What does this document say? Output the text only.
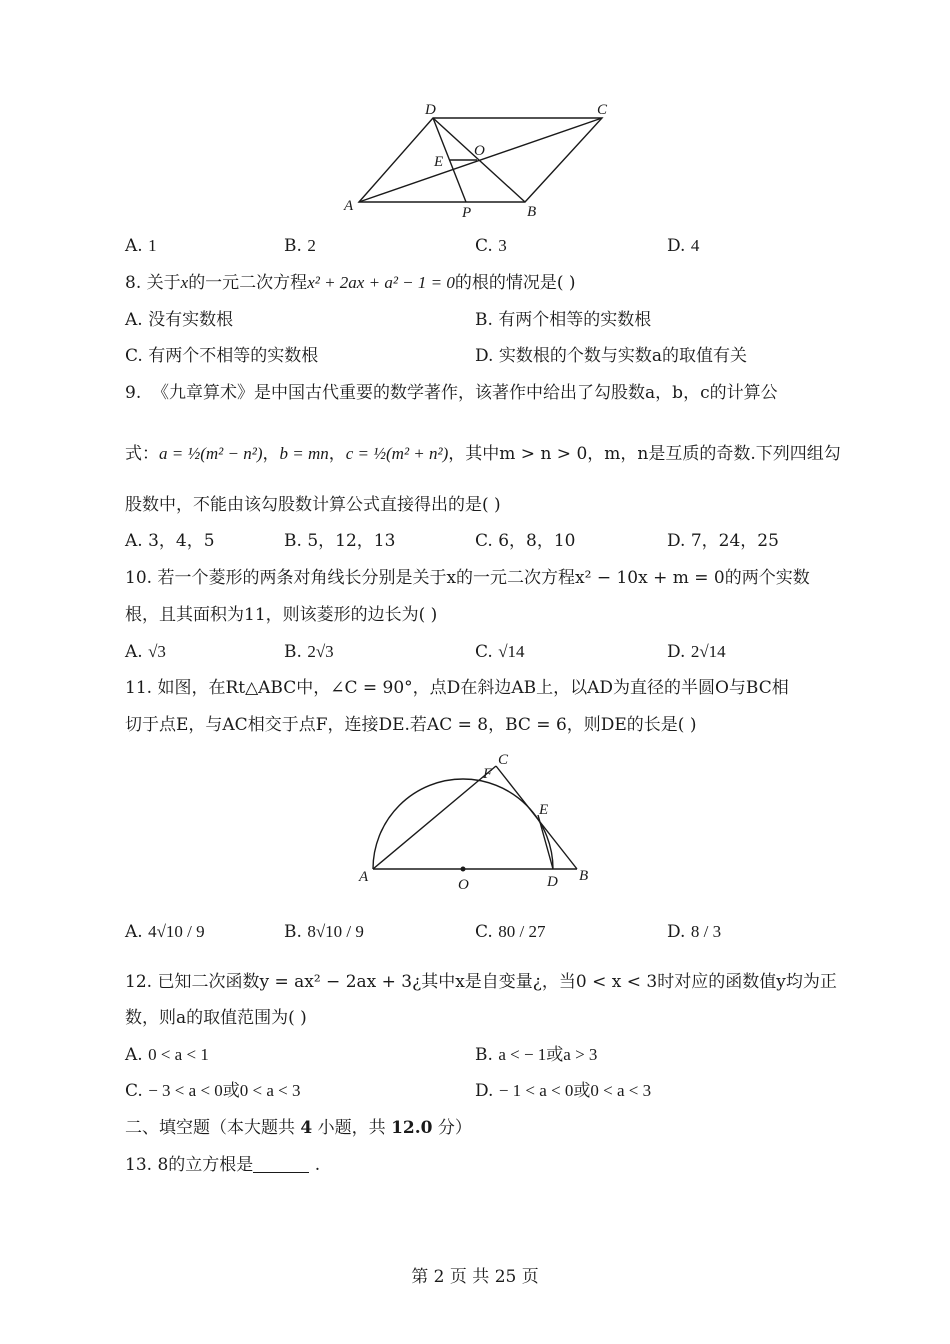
D	C
E
O
A	P	B
A. 1	B. 2	C. 3	D. 4
8. 关于x的一元二次方程x² + 2ax + a² − 1 = 0的根的情况是( )
A. 没有实数根	B. 有两个相等的实数根
C. 有两个不相等的实数根	D. 实数根的个数与实数a的取值有关
9. 《九章算术》是中国古代重要的数学著作，该著作中给出了勾股数a，b，c的计算公
式：a = ½(m² − n²)，b = mn，c = ½(m² + n²)，其中m > n > 0，m，n是互质的奇数.下列四组勾
股数中，不能由该勾股数计算公式直接得出的是( )
A. 3，4，5	B. 5，12，13	C. 6，8，10	D. 7，24，25
10. 若一个菱形的两条对角线长分别是关于x的一元二次方程x² − 10x + m = 0的两个实数
根，且其面积为11，则该菱形的边长为( )
A. √3	B. 2√3	C. √14	D. 2√14
11. 如图，在Rt△ABC中，∠C = 90°，点D在斜边AB上，以AD为直径的半圆O与BC相
切于点E，与AC相交于点F，连接DE.若AC = 8，BC = 6，则DE的长是( )
C
F
E
A	O	D B
A. 4√10 / 9	B. 8√10 / 9	C. 80 / 27	D. 8 / 3
12. 已知二次函数y = ax² − 2ax + 3¿其中x是自变量¿，当0 < x < 3时对应的函数值y均为正
数，则a的取值范围为( )
A. 0 < a < 1	B. a < − 1或a > 3
C. − 3 < a < 0或0 < a < 3	D. − 1 < a < 0或0 < a < 3
二、填空题（本大题共 4 小题，共 12.0 分）
13. 8的立方根是	.
第 2 页 共 25 页
